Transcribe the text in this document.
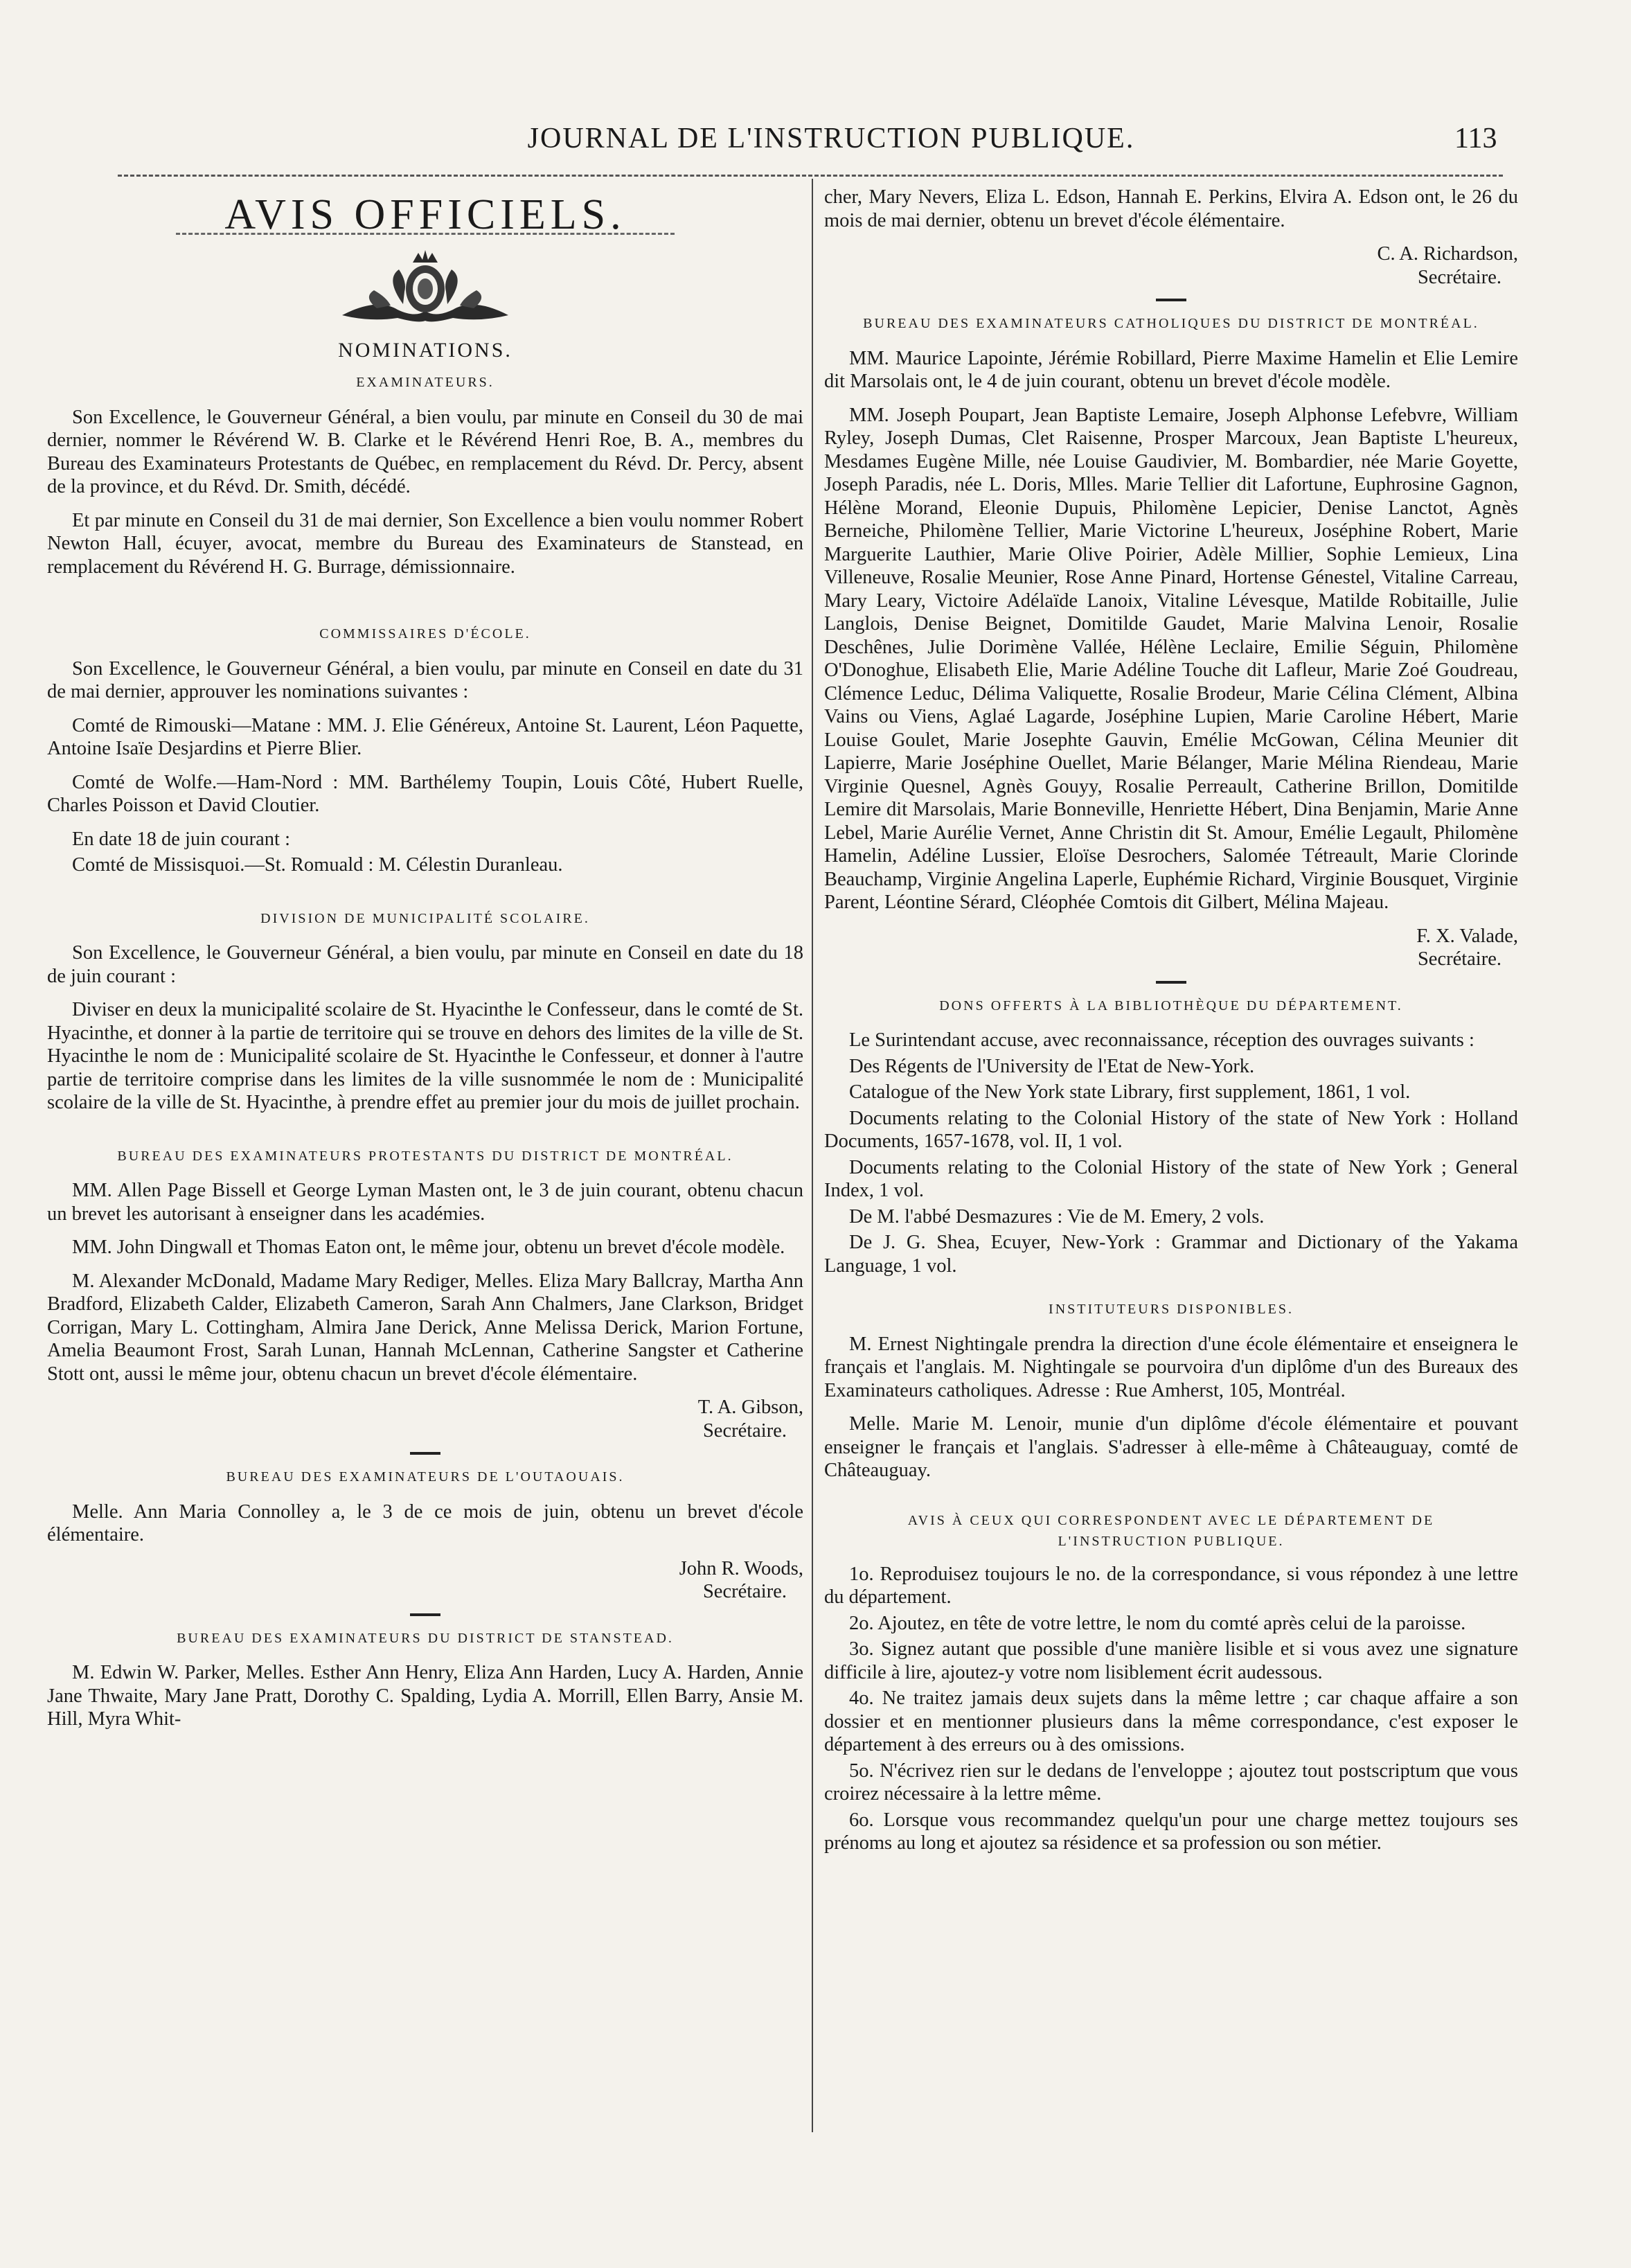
JOURNAL DE L'INSTRUCTION PUBLIQUE.	113
AVIS OFFICIELS.
NOMINATIONS.
EXAMINATEURS.

Son Excellence, le Gouverneur Général, a bien voulu, par minute en Conseil du 30 de mai dernier, nommer le Révérend W. B. Clarke et le Révérend Henri Roe, B. A., membres du Bureau des Examinateurs Protestants de Québec, en remplacement du Révd. Dr. Percy, absent de la province, et du Révd. Dr. Smith, décédé.

Et par minute en Conseil du 31 de mai dernier, Son Excellence a bien voulu nommer Robert Newton Hall, écuyer, avocat, membre du Bureau des Examinateurs de Stanstead, en remplacement du Révérend H. G. Burrage, démissionnaire.

COMMISSAIRES D'ÉCOLE.

Son Excellence, le Gouverneur Général, a bien voulu, par minute en Conseil en date du 31 de mai dernier, approuver les nominations suivantes :

Comté de Rimouski—Matane : MM. J. Elie Généreux, Antoine St. Laurent, Léon Paquette, Antoine Isaïe Desjardins et Pierre Blier.

Comté de Wolfe.—Ham-Nord : MM. Barthélemy Toupin, Louis Côté, Hubert Ruelle, Charles Poisson et David Cloutier.

En date 18 de juin courant :

Comté de Missisquoi.—St. Romuald : M. Célestin Duranleau.

DIVISION DE MUNICIPALITÉ SCOLAIRE.

Son Excellence, le Gouverneur Général, a bien voulu, par minute en Conseil en date du 18 de juin courant :

Diviser en deux la municipalité scolaire de St. Hyacinthe le Confesseur, dans le comté de St. Hyacinthe, et donner à la partie de territoire qui se trouve en dehors des limites de la ville de St. Hyacinthe le nom de : Municipalité scolaire de St. Hyacinthe le Confesseur, et donner à l'autre partie de territoire comprise dans les limites de la ville susnommée le nom de : Municipalité scolaire de la ville de St. Hyacinthe, à prendre effet au premier jour du mois de juillet prochain.

BUREAU DES EXAMINATEURS PROTESTANTS DU DISTRICT DE MONTRÉAL.

MM. Allen Page Bissell et George Lyman Masten ont, le 3 de juin courant, obtenu chacun un brevet les autorisant à enseigner dans les académies.

MM. John Dingwall et Thomas Eaton ont, le même jour, obtenu un brevet d'école modèle.

M. Alexander McDonald, Madame Mary Rediger, Melles. Eliza Mary Ballcray, Martha Ann Bradford, Elizabeth Calder, Elizabeth Cameron, Sarah Ann Chalmers, Jane Clarkson, Bridget Corrigan, Mary L. Cottingham, Almira Jane Derick, Anne Melissa Derick, Marion Fortune, Amelia Beaumont Frost, Sarah Lunan, Hannah McLennan, Catherine Sangster et Catherine Stott ont, aussi le même jour, obtenu chacun un brevet d'école élémentaire.

T. A. Gibson,
Secrétaire.
BUREAU DES EXAMINATEURS DE L'OUTAOUAIS.

Melle. Ann Maria Connolley a, le 3 de ce mois de juin, obtenu un brevet d'école élémentaire.

John R. Woods,
Secrétaire.
BUREAU DES EXAMINATEURS DU DISTRICT DE STANSTEAD.

M. Edwin W. Parker, Melles. Esther Ann Henry, Eliza Ann Harden, Lucy A. Harden, Annie Jane Thwaite, Mary Jane Pratt, Dorothy C. Spalding, Lydia A. Morrill, Ellen Barry, Ansie M. Hill, Myra Whit-

cher, Mary Nevers, Eliza L. Edson, Hannah E. Perkins, Elvira A. Edson ont, le 26 du mois de mai dernier, obtenu un brevet d'école élémentaire.

C. A. Richardson,
Secrétaire.
BUREAU DES EXAMINATEURS CATHOLIQUES DU DISTRICT DE MONTRÉAL.

MM. Maurice Lapointe, Jérémie Robillard, Pierre Maxime Hamelin et Elie Lemire dit Marsolais ont, le 4 de juin courant, obtenu un brevet d'école modèle.

MM. Joseph Poupart, Jean Baptiste Lemaire, Joseph Alphonse Lefebvre, William Ryley, Joseph Dumas, Clet Raisenne, Prosper Marcoux, Jean Baptiste L'heureux, Mesdames Eugène Mille, née Louise Gaudivier, M. Bombardier, née Marie Goyette, Joseph Paradis, née L. Doris, Mlles. Marie Tellier dit Lafortune, Euphrosine Gagnon, Hélène Morand, Eleonie Dupuis, Philomène Lepicier, Denise Lanctot, Agnès Berneiche, Philomène Tellier, Marie Victorine L'heureux, Joséphine Robert, Marie Marguerite Lauthier, Marie Olive Poirier, Adèle Millier, Sophie Lemieux, Lina Villeneuve, Rosalie Meunier, Rose Anne Pinard, Hortense Génestel, Vitaline Carreau, Mary Leary, Victoire Adélaïde Lanoix, Vitaline Lévesque, Matilde Robitaille, Julie Langlois, Denise Beignet, Domitilde Gaudet, Marie Malvina Lenoir, Rosalie Deschênes, Julie Dorimène Vallée, Hélène Leclaire, Emilie Séguin, Philomène O'Donoghue, Elisabeth Elie, Marie Adéline Touche dit Lafleur, Marie Zoé Goudreau, Clémence Leduc, Délima Valiquette, Rosalie Brodeur, Marie Célina Clément, Albina Vains ou Viens, Aglaé Lagarde, Joséphine Lupien, Marie Caroline Hébert, Marie Louise Goulet, Marie Josephte Gauvin, Emélie McGowan, Célina Meunier dit Lapierre, Marie Joséphine Ouellet, Marie Bélanger, Marie Mélina Riendeau, Marie Virginie Quesnel, Agnès Gouyy, Rosalie Perreault, Catherine Brillon, Domitilde Lemire dit Marsolais, Marie Bonneville, Henriette Hébert, Dina Benjamin, Marie Anne Lebel, Marie Aurélie Vernet, Anne Christin dit St. Amour, Emélie Legault, Philomène Hamelin, Adéline Lussier, Eloïse Desrochers, Salomée Tétreault, Marie Clorinde Beauchamp, Virginie Angelina Laperle, Euphémie Richard, Virginie Bousquet, Virginie Parent, Léontine Sérard, Cléophée Comtois dit Gilbert, Mélina Majeau.

F. X. Valade,
Secrétaire.
DONS OFFERTS À LA BIBLIOTHÈQUE DU DÉPARTEMENT.

Le Surintendant accuse, avec reconnaissance, réception des ouvrages suivants :

Des Régents de l'University de l'Etat de New-York.

Catalogue of the New York state Library, first supplement, 1861, 1 vol.

Documents relating to the Colonial History of the state of New York : Holland Documents, 1657-1678, vol. II, 1 vol.

Documents relating to the Colonial History of the state of New York ; General Index, 1 vol.

De M. l'abbé Desmazures : Vie de M. Emery, 2 vols.

De J. G. Shea, Ecuyer, New-York : Grammar and Dictionary of the Yakama Language, 1 vol.

INSTITUTEURS DISPONIBLES.

M. Ernest Nightingale prendra la direction d'une école élémentaire et enseignera le français et l'anglais. M. Nightingale se pourvoira d'un diplôme d'un des Bureaux des Examinateurs catholiques. Adresse : Rue Amherst, 105, Montréal.

Melle. Marie M. Lenoir, munie d'un diplôme d'école élémentaire et pouvant enseigner le français et l'anglais. S'adresser à elle-même à Châteauguay, comté de Châteauguay.

AVIS À CEUX QUI CORRESPONDENT AVEC LE DÉPARTEMENT DE
L'INSTRUCTION PUBLIQUE.

1o. Reproduisez toujours le no. de la correspondance, si vous répondez à une lettre du département.

2o. Ajoutez, en tête de votre lettre, le nom du comté après celui de la paroisse.

3o. Signez autant que possible d'une manière lisible et si vous avez une signature difficile à lire, ajoutez-y votre nom lisiblement écrit audessous.

4o. Ne traitez jamais deux sujets dans la même lettre ; car chaque affaire a son dossier et en mentionner plusieurs dans la même correspondance, c'est exposer le département à des erreurs ou à des omissions.

5o. N'écrivez rien sur le dedans de l'enveloppe ; ajoutez tout postscriptum que vous croirez nécessaire à la lettre même.

6o. Lorsque vous recommandez quelqu'un pour une charge mettez toujours ses prénoms au long et ajoutez sa résidence et sa profession ou son métier.
